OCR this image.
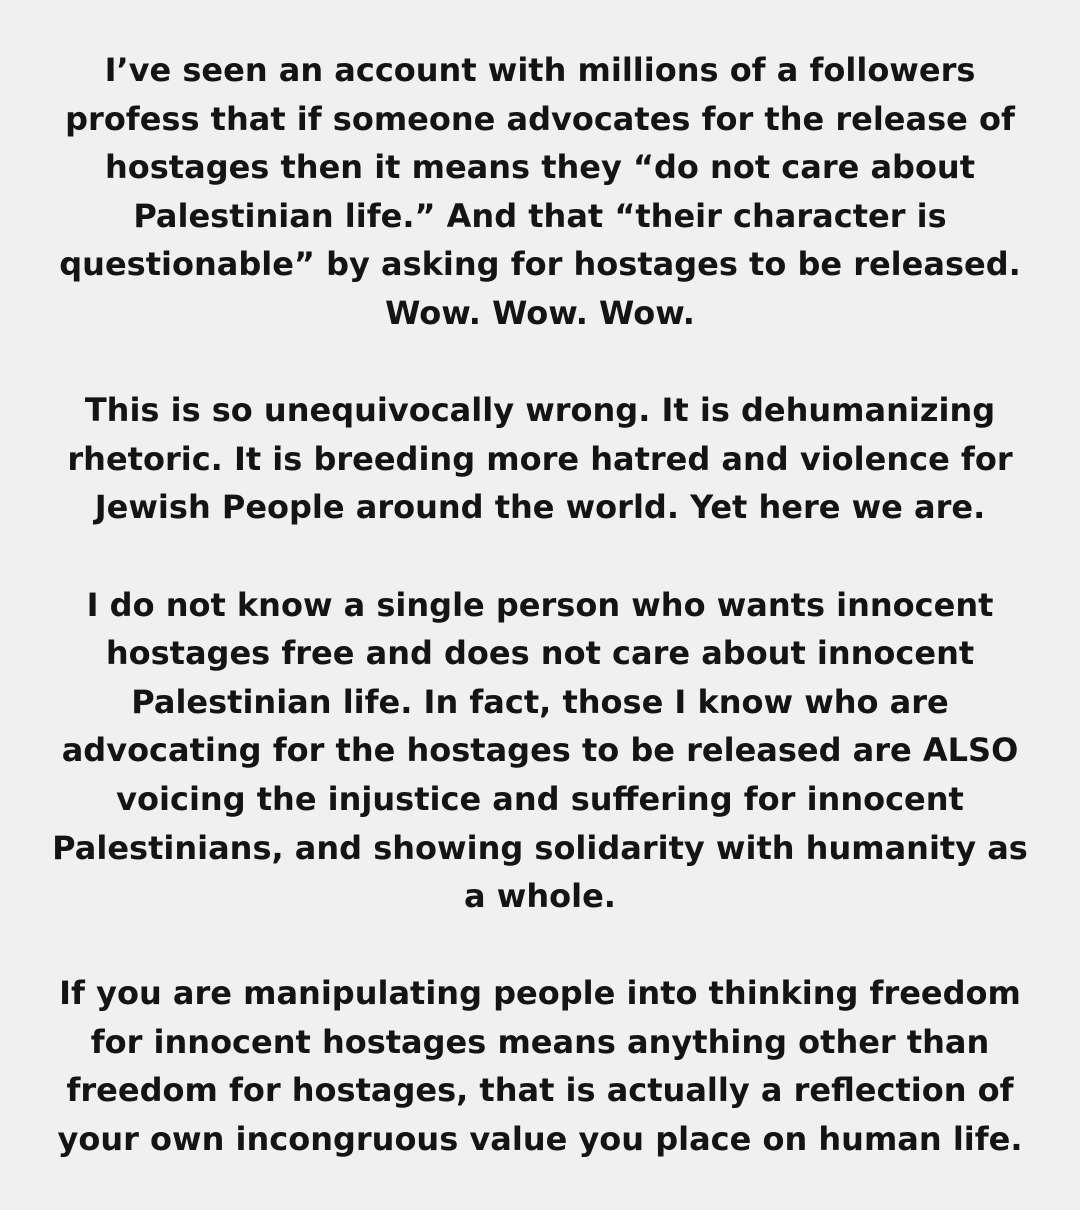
I’ve seen an account with millions of a followers
profess that if someone advocates for the release of
hostages then it means they “do not care about
Palestinian life.” And that “their character is
questionable” by asking for hostages to be released.
Wow. Wow. Wow.

This is so unequivocally wrong. It is dehumanizing
rhetoric. It is breeding more hatred and violence for
Jewish People around the world. Yet here we are.

I do not know a single person who wants innocent
hostages free and does not care about innocent
Palestinian life. In fact, those I know who are
advocating for the hostages to be released are ALSO
voicing the injustice and suffering for innocent
Palestinians, and showing solidarity with humanity as
a whole.

If you are manipulating people into thinking freedom
for innocent hostages means anything other than
freedom for hostages, that is actually a reflection of
your own incongruous value you place on human life.
